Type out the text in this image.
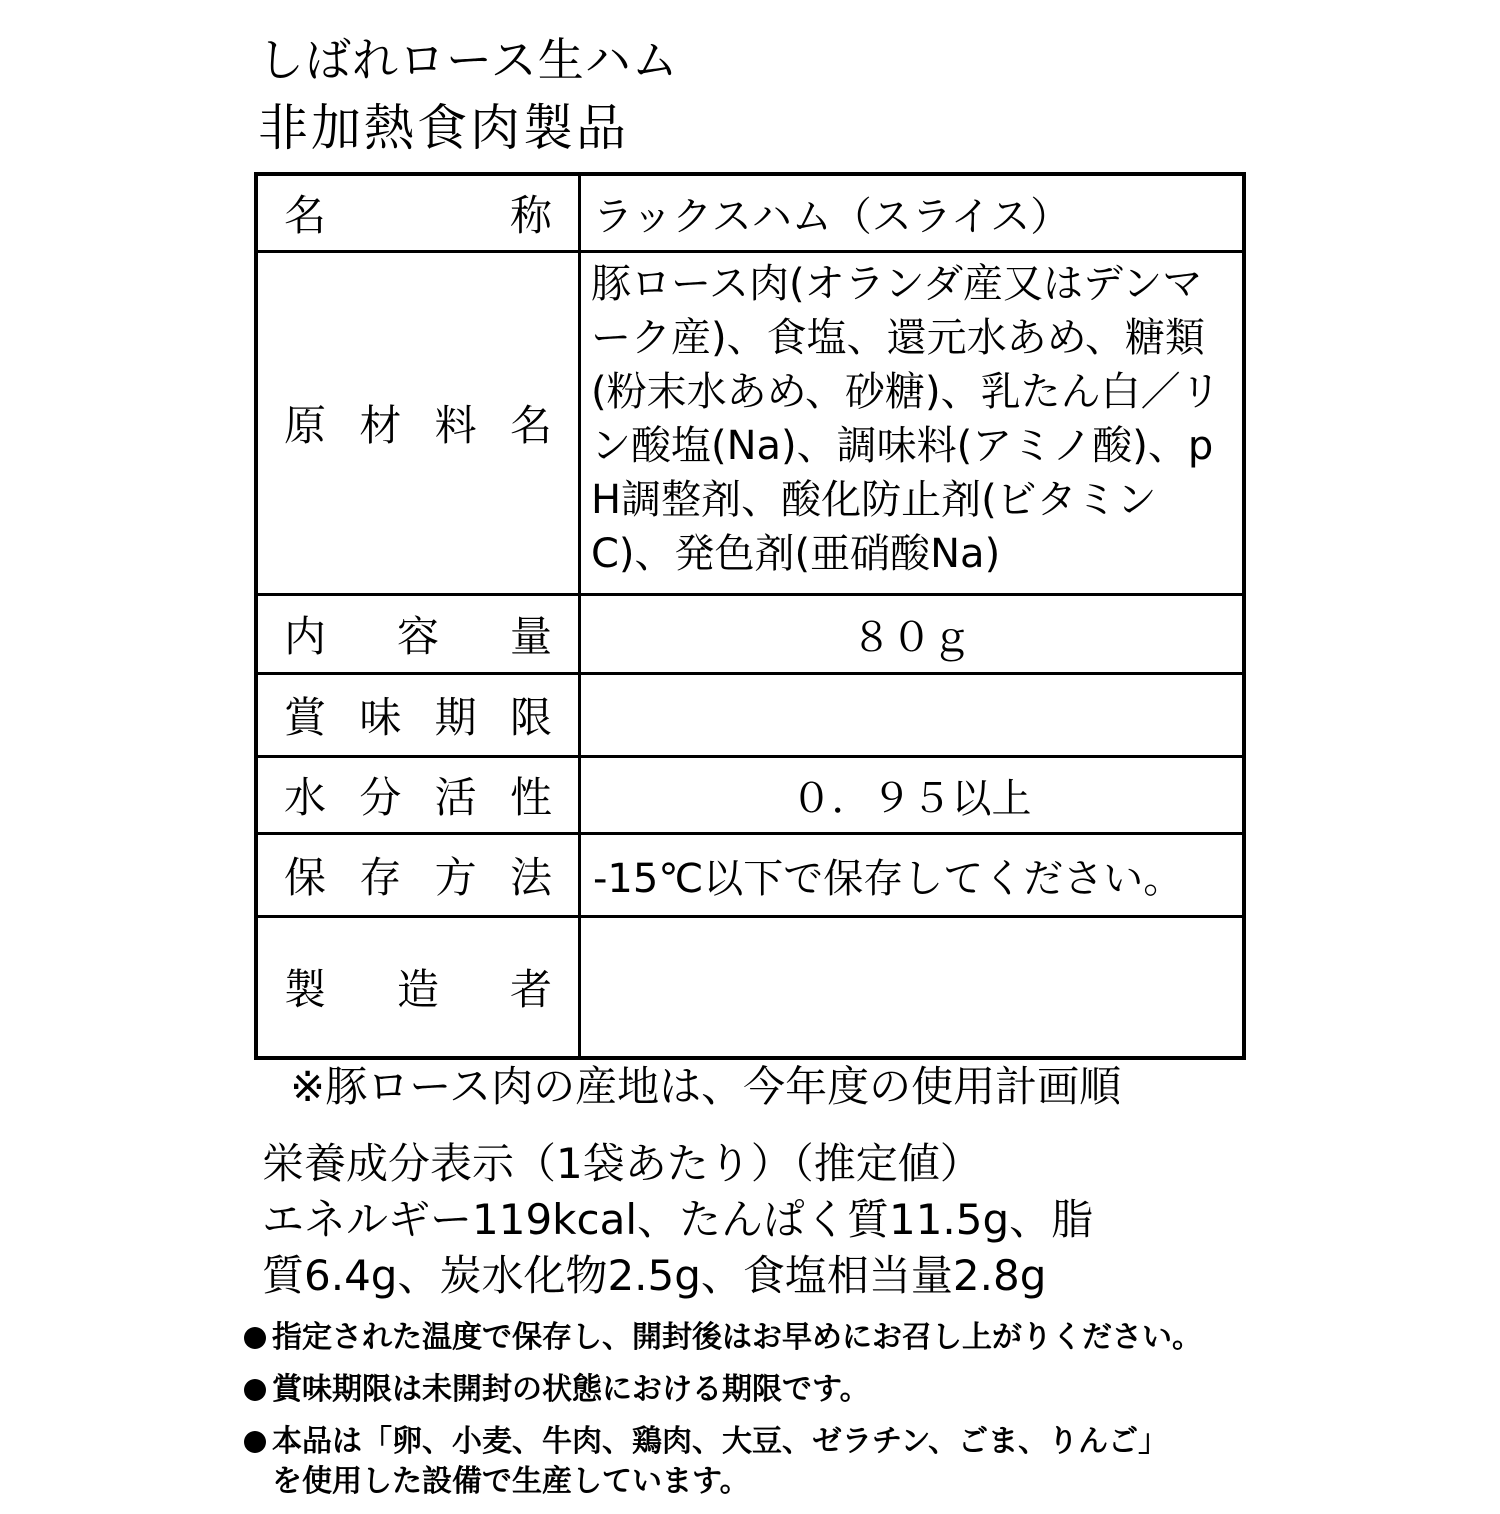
しばれロース生ハム
非加熱食肉製品
名　　　称	ラックスハム（スライス）
原材料名	豚ロース肉(オランダ産又はデンマーク産)、食塩、還元水あめ、糖類(粉末水あめ、砂糖)、乳たん白／リン酸塩(Na)、調味料(アミノ酸)、pH調整剤、酸化防止剤(ビタミンC)、発色剤(亜硝酸Na)
内　容　量	８０ｇ
賞味期限	
水分活性	０．９５以上
保存方法	-15℃以下で保存してください。
製　造　者	
※豚ロース肉の産地は、今年度の使用計画順
栄養成分表示（1袋あたり）（推定値）
エネルギー119kcal、たんぱく質11.5g、脂
質6.4g、炭水化物2.5g、食塩相当量2.8g
指定された温度で保存し、開封後はお早めにお召し上がりください。
賞味期限は未開封の状態における期限です。
本品は「卵、小麦、牛肉、鶏肉、大豆、ゼラチン、ごま、りんご」
を使用した設備で生産しています。
